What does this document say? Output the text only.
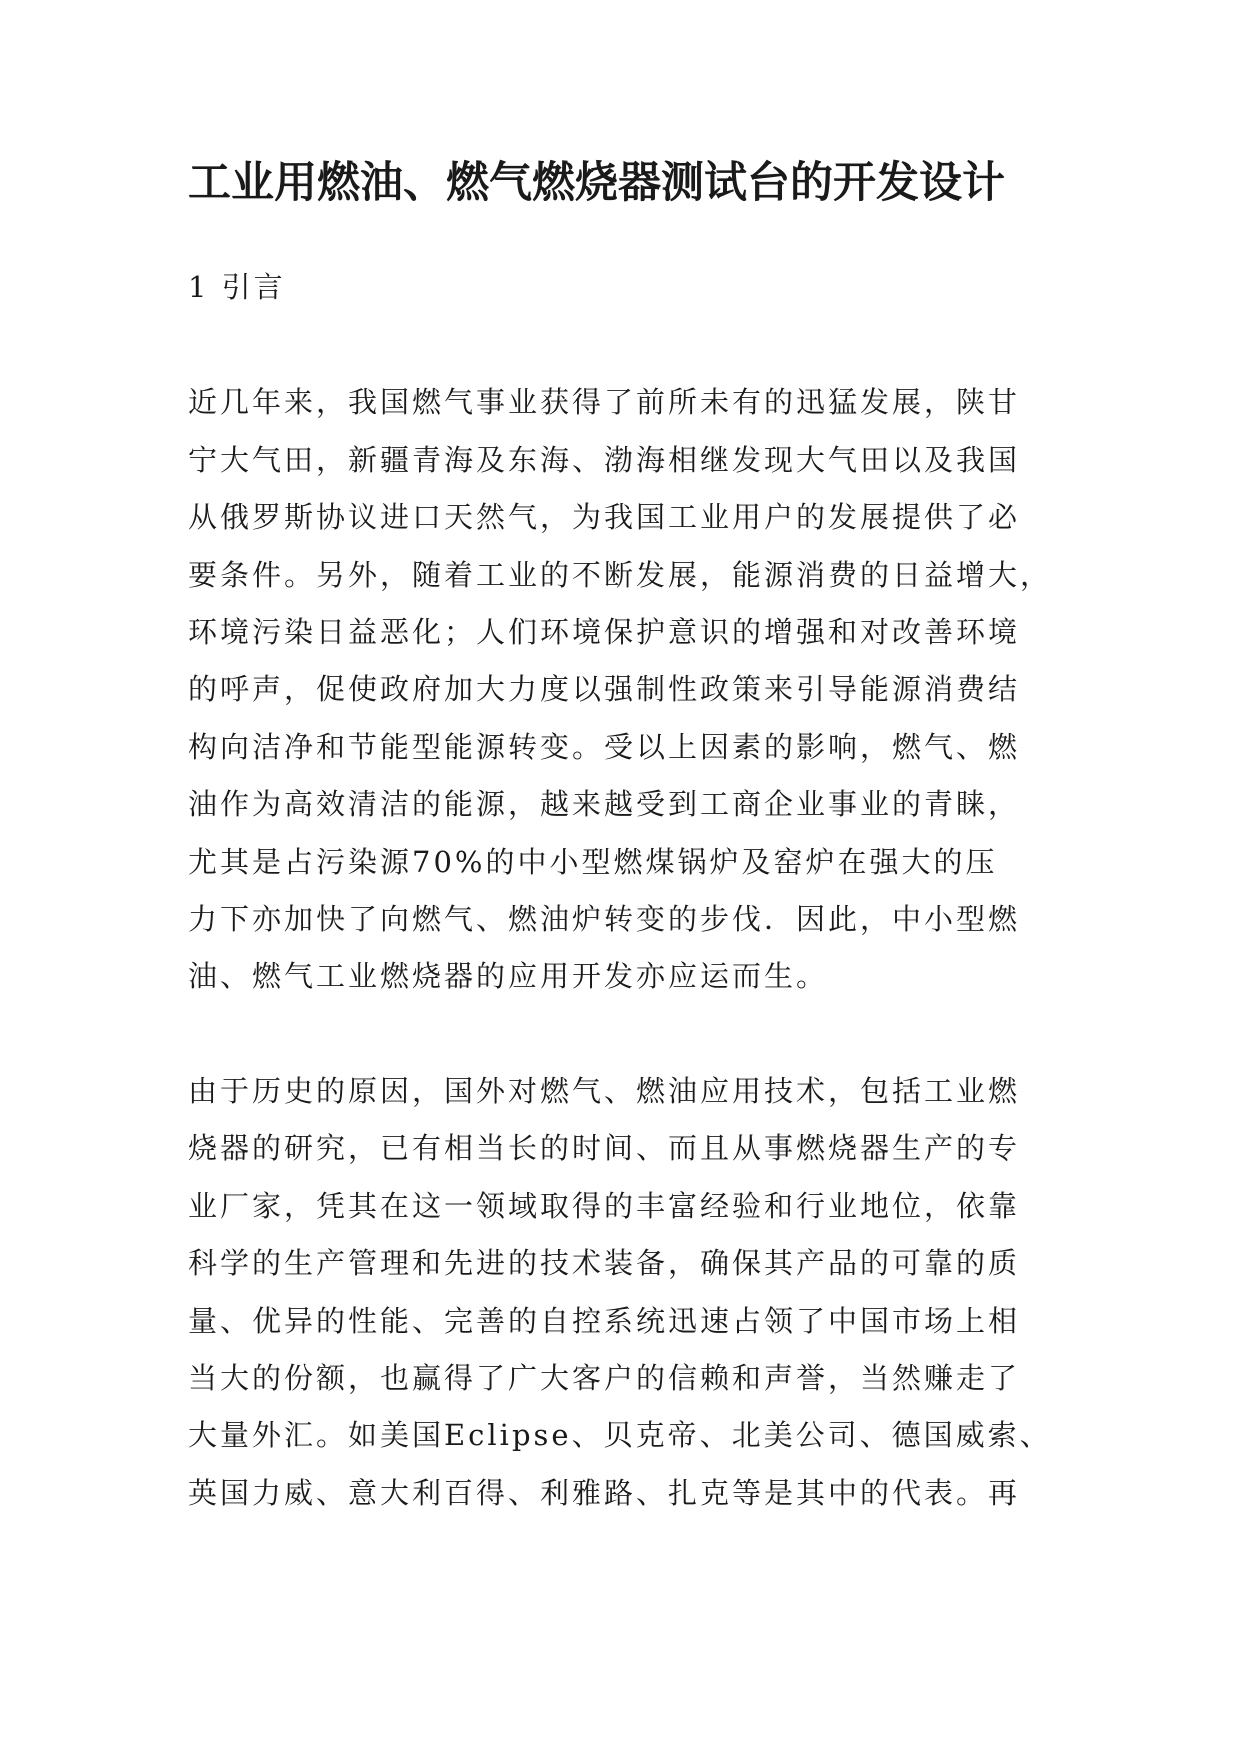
工业用燃油、燃气燃烧器测试台的开发设计

1 引言

近几年来，我国燃气事业获得了前所未有的迅猛发展，陕甘
宁大气田，新疆青海及东海、渤海相继发现大气田以及我国
从俄罗斯协议进口天然气，为我国工业用户的发展提供了必
要条件。另外，随着工业的不断发展，能源消费的日益增大，
环境污染日益恶化；人们环境保护意识的增强和对改善环境
的呼声，促使政府加大力度以强制性政策来引导能源消费结
构向洁净和节能型能源转变。受以上因素的影响，燃气、燃
油作为高效清洁的能源，越来越受到工商企业事业的青睐，
尤其是占污染源70%的中小型燃煤锅炉及窑炉在强大的压
力下亦加快了向燃气、燃油炉转变的步伐．因此，中小型燃
油、燃气工业燃烧器的应用开发亦应运而生。

由于历史的原因，国外对燃气、燃油应用技术，包括工业燃
烧器的研究，已有相当长的时间、而且从事燃烧器生产的专
业厂家，凭其在这一领域取得的丰富经验和行业地位，依靠
科学的生产管理和先进的技术装备，确保其产品的可靠的质
量、优异的性能、完善的自控系统迅速占领了中国市场上相
当大的份额，也赢得了广大客户的信赖和声誉，当然赚走了
大量外汇。如美国Eclipse、贝克帝、北美公司、德国威索、
英国力威、意大利百得、利雅路、扎克等是其中的代表。再
